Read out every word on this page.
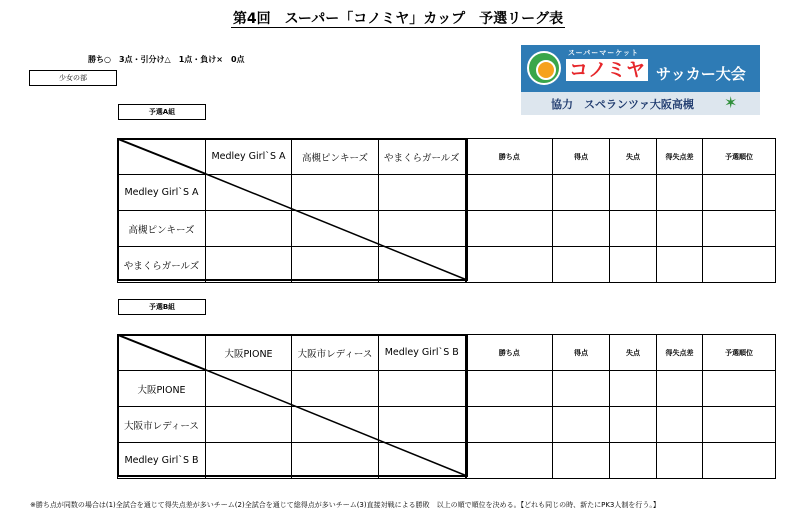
第4回　スーパー「コノミヤ」カップ　予選リーグ表
勝ち○　3点・引分け△　1点・負け×　0点
少女の部
スーパーマーケット
コノミヤ サッカー大会
協力　スペランツァ大阪高槻 ✶
予選A組
	Medley Girl`S A	高槻ピンキーズ	やまくらガールズ	勝ち点	得点	失点	得失点差	予選順位
Medley Girl`S A								
高槻ピンキーズ								
やまくらガールズ								
予選B組
	大阪PIONE	大阪市レディース	Medley Girl`S B	勝ち点	得点	失点	得失点差	予選順位
大阪PIONE								
大阪市レディース								
Medley Girl`S B								
※勝ち点が同数の場合は(1)全試合を通じて得失点差が多いチーム(2)全試合を通じて総得点が多いチーム(3)直接対戦による勝敗　以上の順で順位を決める。【どれも同じの時、新たにPK3人制を行う。】
